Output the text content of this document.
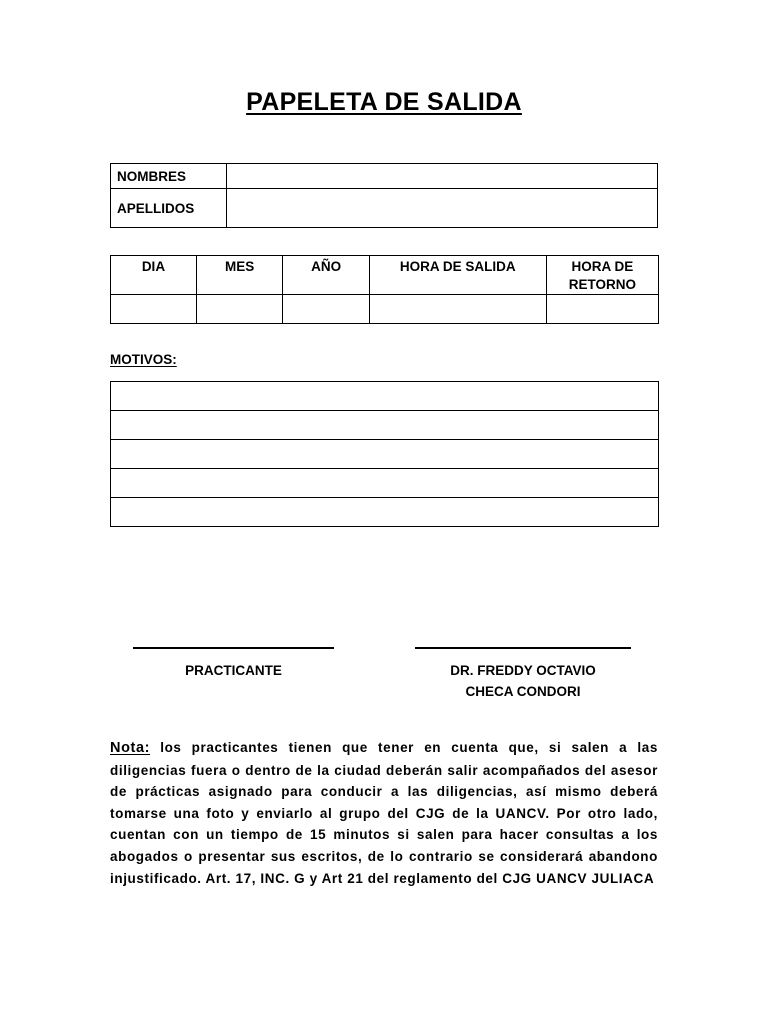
PAPELETA DE SALIDA
NOMBRES	

APELLIDOS	

DIA	MES	AÑO	HORA DE SALIDA	HORA DE RETORNO

MOTIVOS:

PRACTICANTE	DR. FREDDY OCTAVIO
CHECA CONDORI
Nota: los practicantes tienen que tener en cuenta que, si salen a las diligencias fuera o dentro de la ciudad deberán salir acompañados del asesor de prácticas asignado para conducir a las diligencias, así mismo deberá tomarse una foto y enviarlo al grupo del CJG de la UANCV. Por otro lado, cuentan con un tiempo de 15 minutos si salen para hacer consultas a los abogados o presentar sus escritos, de lo contrario se considerará abandono injustificado. Art. 17, INC. G y Art 21 del reglamento del CJG UANCV JULIACA
